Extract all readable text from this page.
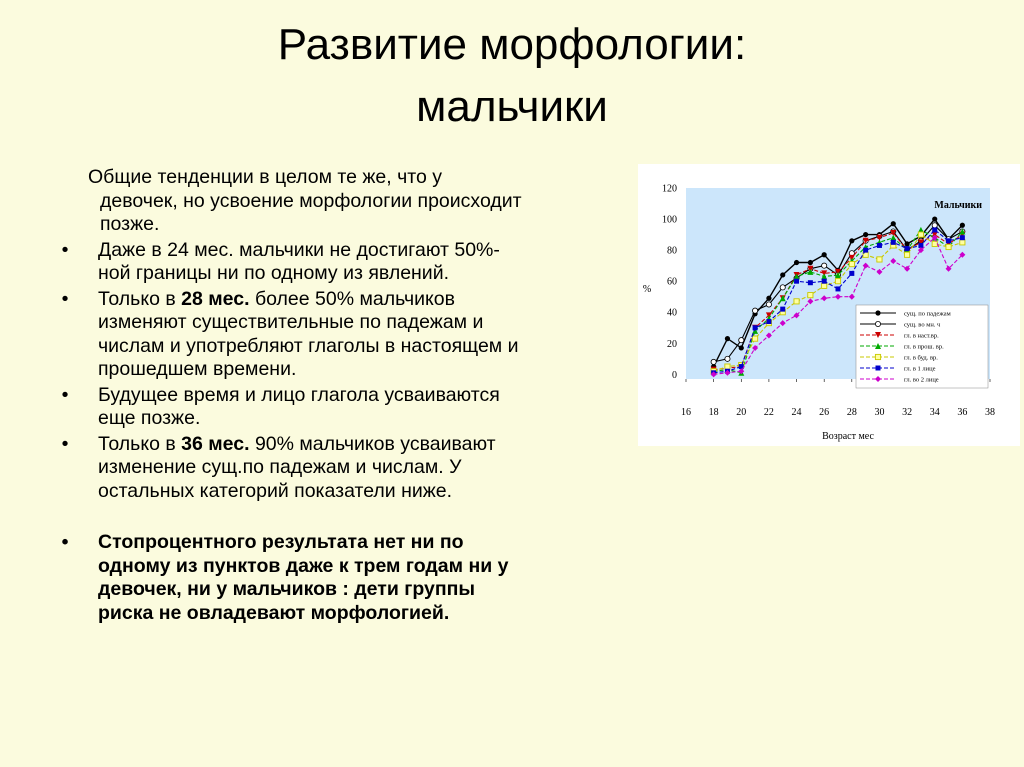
Развитие морфологии:
мальчики
Общие тенденции в целом те же, что у
девочек, но усвоение морфологии происходит
позже.
• Даже в 24 мес. мальчики не достигают 50%-
ной границы ни по одному из явлений.
• Только в 28 мес. более 50% мальчиков
изменяют существительные по падежам и
числам и употребляют глаголы в настоящем и
прошедшем времени.
• Будущее время и лицо глагола усваиваются
еще позже.
• Только в 36 мес. 90% мальчиков усваивают
изменение сущ.по падежам и числам. У
остальных категорий показатели ниже.
• Стопроцентного результата нет ни по
одному из пунктов даже к трем годам ни у
девочек, ни у мальчиков : дети группы
риска не овладевают морфологией.
0
20
40
60
80
100
120
16 18 20 22 24 26 28 30 32 34 36 38
Возраст мес
%
Мальчики
сущ. по падежам
сущ. во мн. ч
гл. в наст.вр.
гл. в прош. вр.
гл. в буд. вр.
гл. в 1 лице
гл. во 2 лице
